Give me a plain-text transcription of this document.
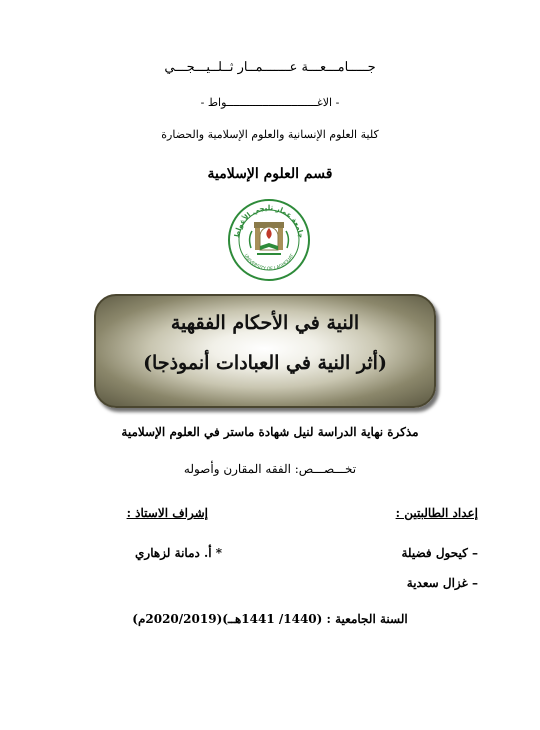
جـــــامـــعـــة عـــــــمــار ثــلــيـــجـــي
- الاغــــــــــــــــــــــــــــواط -
كلية العلوم الإنسانية والعلوم الإسلامية والحضارة
قسم العلوم الإسلامية
جامعة عمار ثليجي الأغواط
UNIVERSITY OF LAGHOUAT
النية في الأحكام الفقهية
(أثر النية في العبادات أنموذجا)
مذكرة نهاية الدراسة لنيل شهادة ماستر في العلوم الإسلامية
تخـــصـــص: الفقه المقارن وأصوله
إعداد الطالبتين :
إشراف الاستاذ :
– كيحول فضيلة
* أ. دمانة لزهاري
– غزال سعدية
السنة الجامعية : (1440/ 1441هــ)(2020/2019م)
